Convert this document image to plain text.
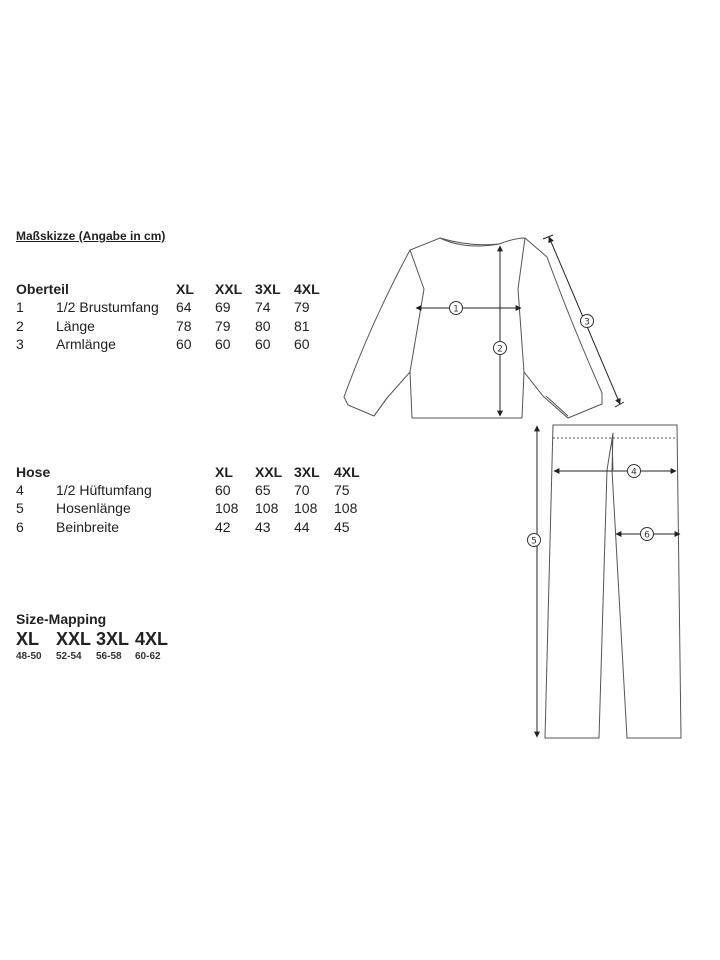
Maßskizze (Angabe in cm)
Oberteil	XL XXL 3XL 4XL
1 1/2 Brustumfang 64 69 74 79
2 Länge	78 79 80 81
3 Armlänge	60 60 60 60
Hose	XL XXL 3XL 4XL
4 1/2 Hüftumfang	60 65 70 75
5 Hosenlänge	108 108 108 108
6 Beinbreite	42 43 44 45
Size-Mapping
XL XXL 3XL 4XL
48-50 52-54 56-58 60-62
1
2
3
4
5
6
